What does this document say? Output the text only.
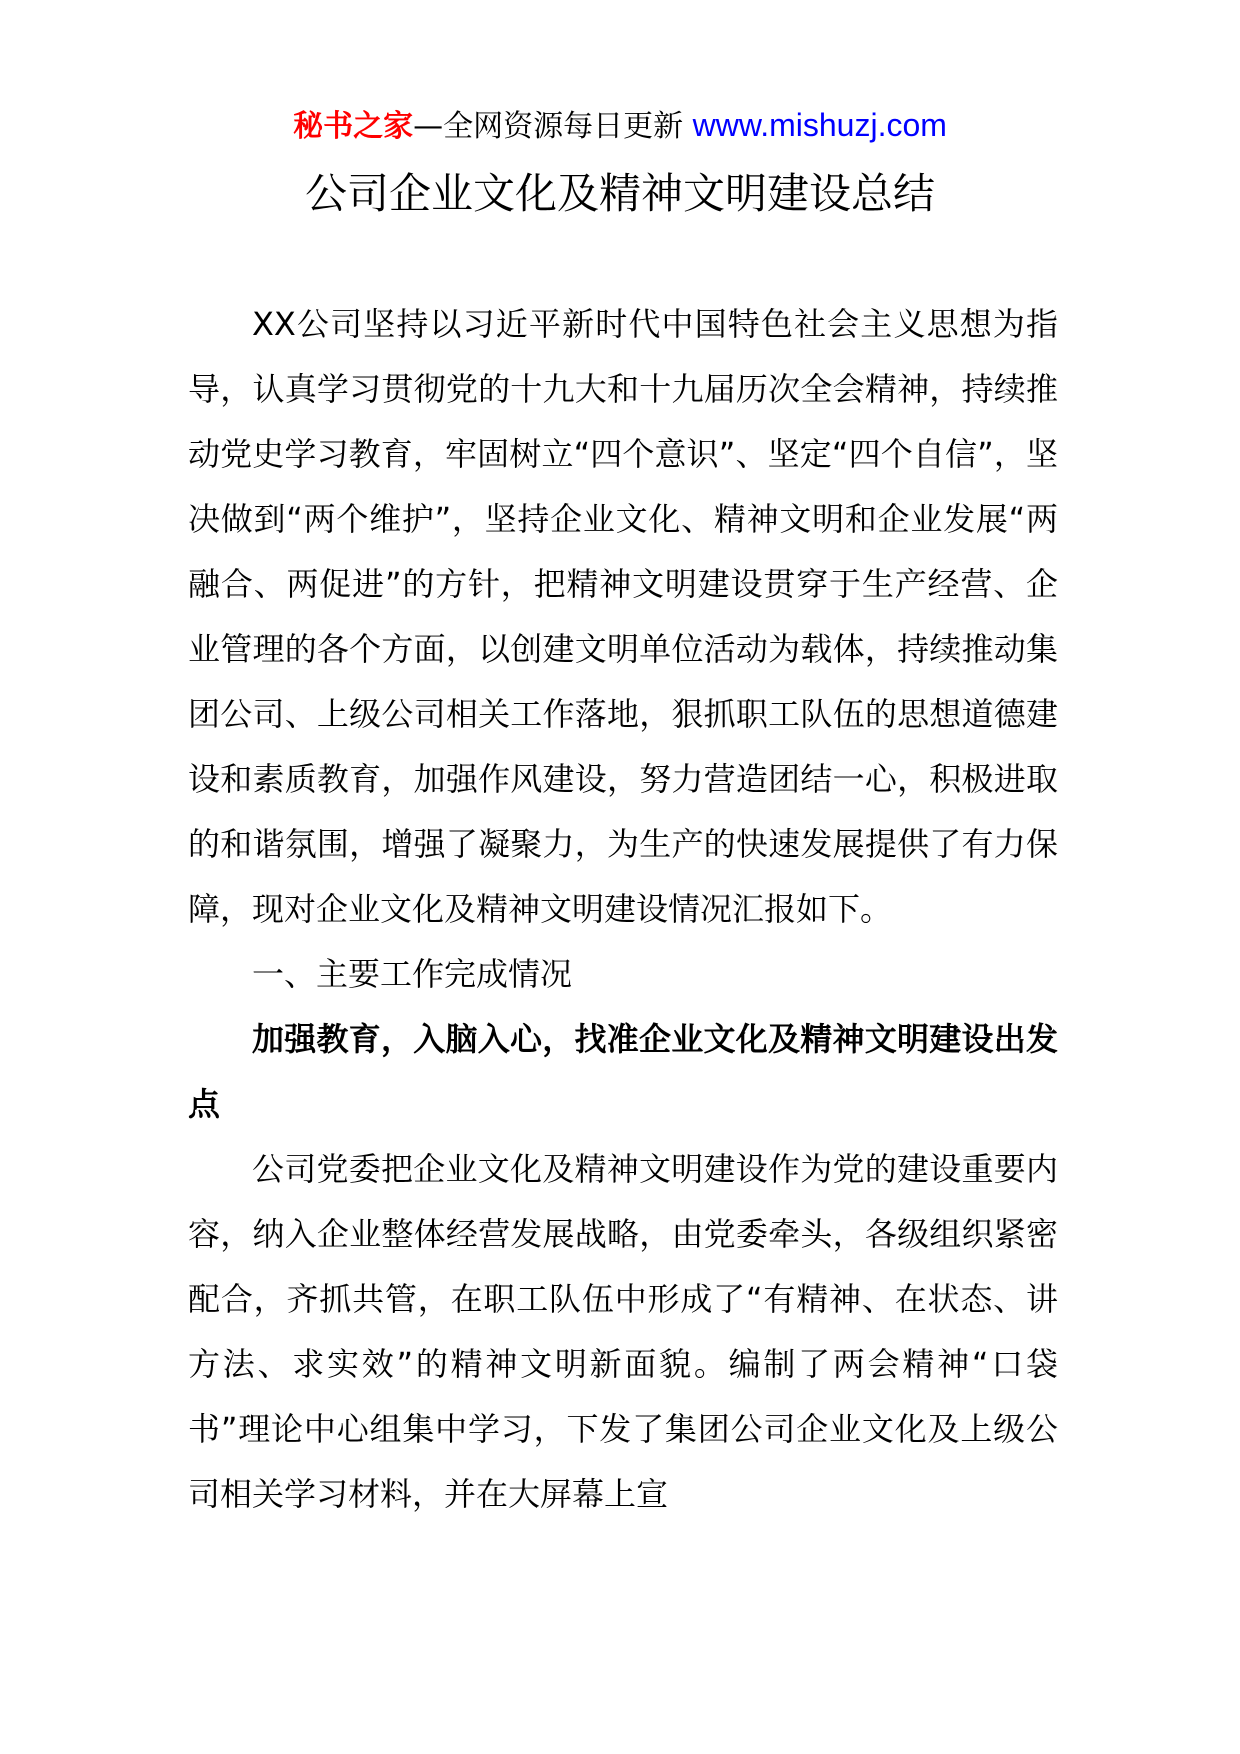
秘书之家—全网资源每日更新 www.mishuzj.com
公司企业文化及精神文明建设总结

XX公司坚持以习近平新时代中国特色社会主义思想为指导，认真学习贯彻党的十九大和十九届历次全会精神，持续推动党史学习教育，牢固树立“四个意识”、坚定“四个自信”，坚决做到“两个维护”，坚持企业文化、精神文明和企业发展“两融合、两促进”的方针，把精神文明建设贯穿于生产经营、企业管理的各个方面，以创建文明单位活动为载体，持续推动集团公司、上级公司相关工作落地，狠抓职工队伍的思想道德建设和素质教育，加强作风建设，努力营造团结一心，积极进取的和谐氛围，增强了凝聚力，为生产的快速发展提供了有力保障，现对企业文化及精神文明建设情况汇报如下。

一、主要工作完成情况

加强教育，入脑入心，找准企业文化及精神文明建设出发点

公司党委把企业文化及精神文明建设作为党的建设重要内容，纳入企业整体经营发展战略，由党委牵头，各级组织紧密配合，齐抓共管，在职工队伍中形成了“有精神、在状态、讲方法、求实效”的精神文明新面貌。编制了两会精神“口袋书”理论中心组集中学习，下发了集团公司企业文化及上级公司相关学习材料，并在大屏幕上宣
